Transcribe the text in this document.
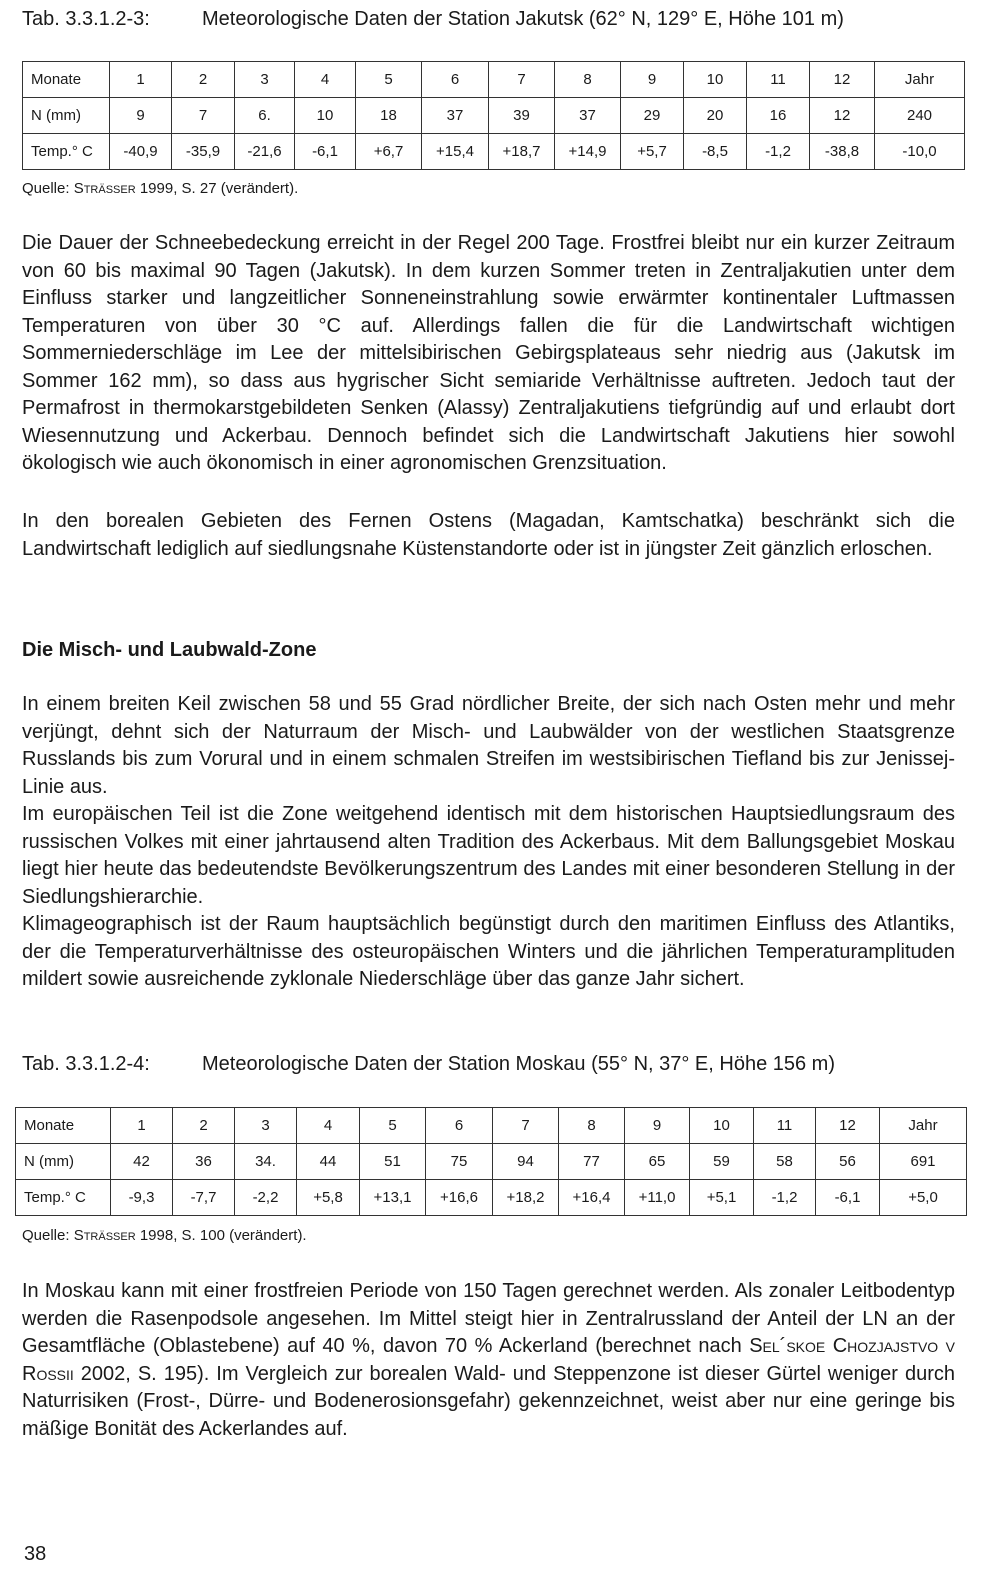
Tab. 3.3.1.2-3:	Meteorologische Daten der Station Jakutsk (62° N, 129° E, Höhe 101 m)
Monate	1	2	3	4	5	6	7	8	9	10	11	12	Jahr
N (mm)	9	7	6.	10	18	37	39	37	29	20	16	12	240
Temp.° C	-40,9	-35,9	-21,6	-6,1	+6,7	+15,4	+18,7	+14,9	+5,7	-8,5	-1,2	-38,8	-10,0
Quelle: Sträßer 1999, S. 27 (verändert).

Die Dauer der Schneebedeckung erreicht in der Regel 200 Tage. Frostfrei bleibt nur ein kurzer Zeitraum von 60 bis maximal 90 Tagen (Jakutsk). In dem kurzen Sommer treten in Zentraljakutien unter dem Einfluss starker und langzeitlicher Sonneneinstrahlung sowie erwärmter kontinentaler Luftmassen Temperaturen von über 30 °C auf. Allerdings fallen die für die Landwirtschaft wichtigen Sommerniederschläge im Lee der mittelsibirischen Gebirgsplateaus sehr niedrig aus (Jakutsk im Sommer 162 mm), so dass aus hygrischer Sicht semiaride Verhältnisse auftreten. Jedoch taut der Permafrost in thermokarstgebildeten Senken (Alassy) Zentraljakutiens tiefgründig auf und erlaubt dort Wiesennutzung und Ackerbau. Dennoch befindet sich die Landwirtschaft Jakutiens hier sowohl ökologisch wie auch ökonomisch in einer agronomischen Grenzsituation.

In den borealen Gebieten des Fernen Ostens (Magadan, Kamtschatka) beschränkt sich die Landwirtschaft lediglich auf siedlungsnahe Küstenstandorte oder ist in jüngster Zeit gänzlich erloschen.

Die Misch- und Laubwald-Zone

In einem breiten Keil zwischen 58 und 55 Grad nördlicher Breite, der sich nach Osten mehr und mehr verjüngt, dehnt sich der Naturraum der Misch- und Laubwälder von der westlichen Staatsgrenze Russlands bis zum Vorural und in einem schmalen Streifen im westsibirischen Tiefland bis zur Jenissej-Linie aus.

Im europäischen Teil ist die Zone weitgehend identisch mit dem historischen Hauptsiedlungsraum des russischen Volkes mit einer jahrtausend alten Tradition des Ackerbaus. Mit dem Ballungsgebiet Moskau liegt hier heute das bedeutendste Bevölkerungszentrum des Landes mit einer besonderen Stellung in der Siedlungshierarchie.

Klimageographisch ist der Raum hauptsächlich begünstigt durch den maritimen Einfluss des Atlantiks, der die Temperaturverhältnisse des osteuropäischen Winters und die jährlichen Temperaturamplituden mildert sowie ausreichende zyklonale Niederschläge über das ganze Jahr sichert.

Tab. 3.3.1.2-4:	Meteorologische Daten der Station Moskau (55° N, 37° E, Höhe 156 m)
Monate	1	2	3	4	5	6	7	8	9	10	11	12	Jahr
N (mm)	42	36	34.	44	51	75	94	77	65	59	58	56	691
Temp.° C	-9,3	-7,7	-2,2	+5,8	+13,1	+16,6	+18,2	+16,4	+11,0	+5,1	-1,2	-6,1	+5,0
Quelle: Sträßer 1998, S. 100 (verändert).

In Moskau kann mit einer frostfreien Periode von 150 Tagen gerechnet werden. Als zonaler Leitbodentyp werden die Rasenpodsole angesehen. Im Mittel steigt hier in Zentralrussland der Anteil der LN an der Gesamtfläche (Oblastebene) auf 40 %, davon 70 % Ackerland (berechnet nach Sel´skoe Chozjajstvo v Rossii 2002, S. 195). Im Vergleich zur borealen Wald- und Steppenzone ist dieser Gürtel weniger durch Naturrisiken (Frost-, Dürre- und Bodenerosionsgefahr) gekennzeichnet, weist aber nur eine geringe bis mäßige Bonität des Ackerlandes auf.

38
